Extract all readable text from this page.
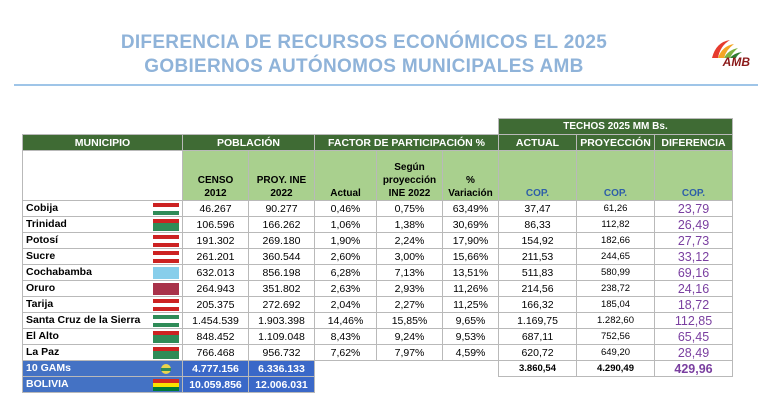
DIFERENCIA DE RECURSOS ECONÓMICOS EL 2025
GOBIERNOS AUTÓNOMOS MUNICIPALES AMB	AMB
						TECHOS 2025 MM Bs.		
MUNICIPIO	POBLACIÓN		FACTOR DE PARTICIPACIÓN %			ACTUAL	PROYECCIÓN	DIFERENCIA
	CENSO 2012	PROY. INE 2022	Actual	Según proyección INE 2022	% Variación	COP.	COP.	COP.
Cobija	46.267	90.277	0,46%	0,75%	63,49%	37,47	61,26	23,79
Trinidad	106.596	166.262	1,06%	1,38%	30,69%	86,33	112,82	26,49
Potosí	191.302	269.180	1,90%	2,24%	17,90%	154,92	182,66	27,73
Sucre	261.201	360.544	2,60%	3,00%	15,66%	211,53	244,65	33,12
Cochabamba	632.013	856.198	6,28%	7,13%	13,51%	511,83	580,99	69,16
Oruro	264.943	351.802	2,63%	2,93%	11,26%	214,56	238,72	24,16
Tarija	205.375	272.692	2,04%	2,27%	11,25%	166,32	185,04	18,72
Santa Cruz de la Sierra	1.454.539	1.903.398	14,46%	15,85%	9,65%	1.169,75	1.282,60	112,85
El Alto	848.452	1.109.048	8,43%	9,24%	9,53%	687,11	752,56	65,45
La Paz	766.468	956.732	7,62%	7,97%	4,59%	620,72	649,20	28,49
10 GAMs	4.777.156	6.336.133				3.860,54	4.290,49	429,96
BOLIVIA	10.059.856	12.006.031						
